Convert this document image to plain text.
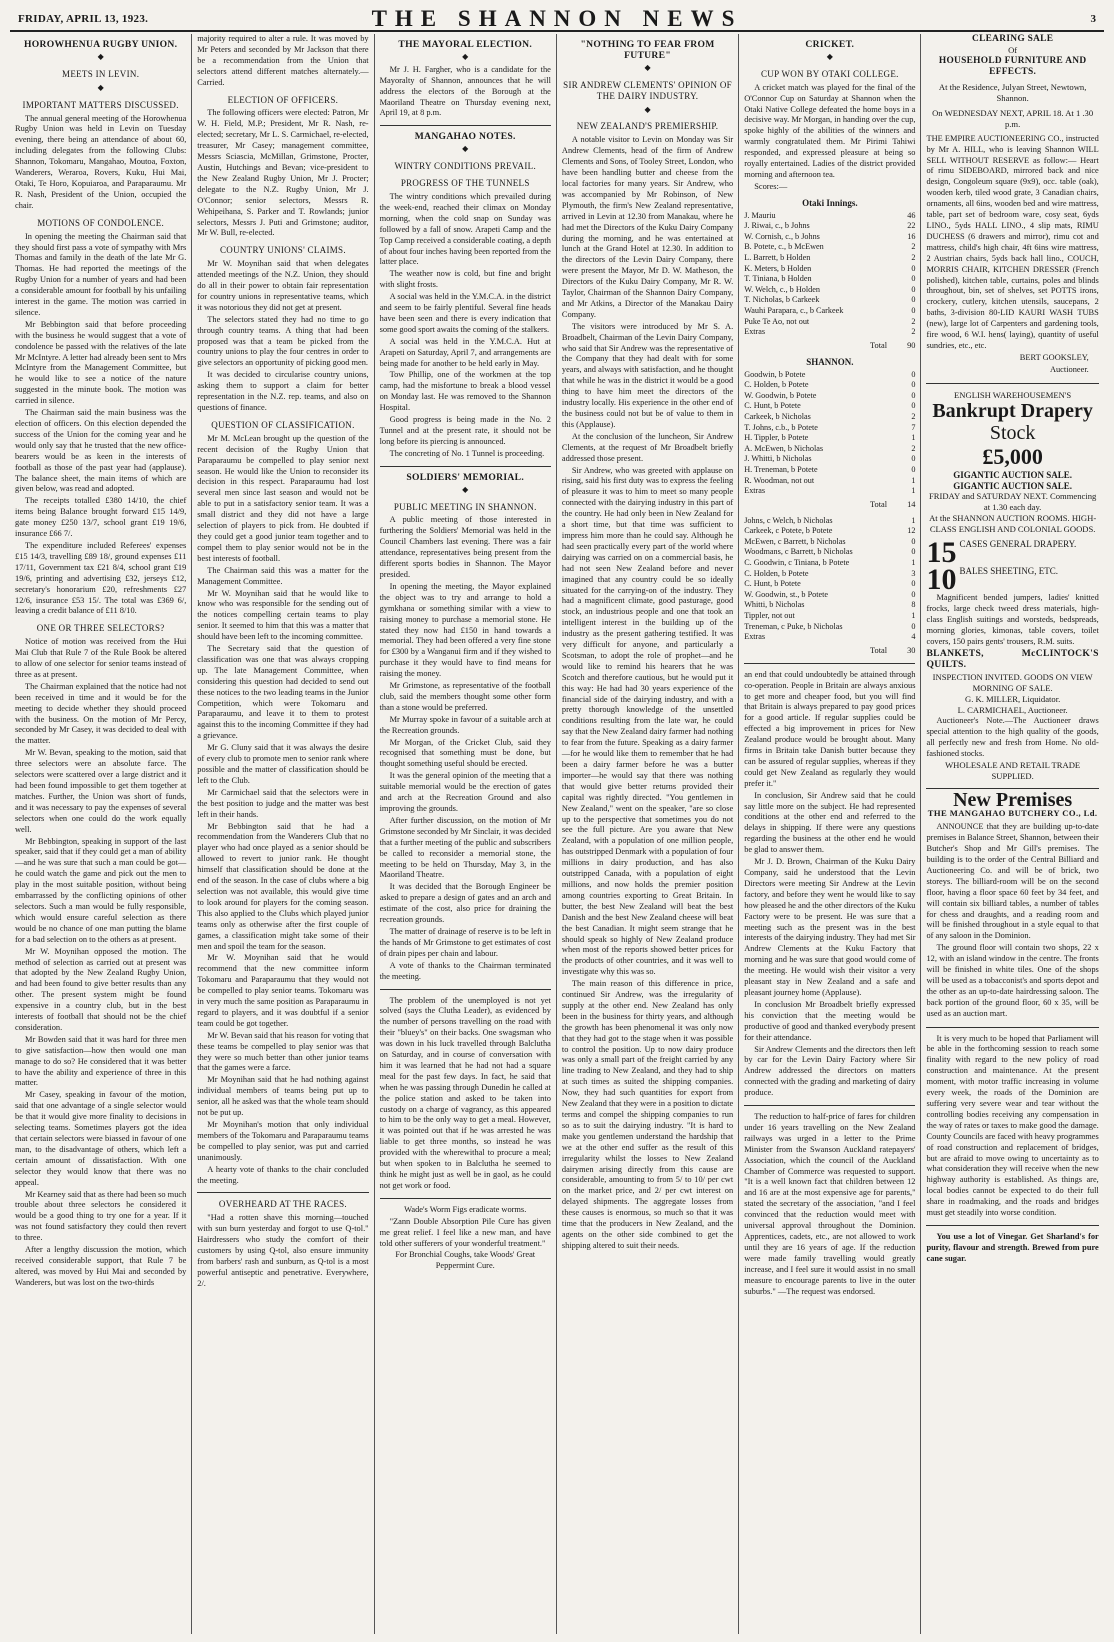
FRIDAY, APRIL 13, 1923.	THE SHANNON NEWS	3
HOROWHENUA RUGBY UNION.
◆
MEETS IN LEVIN.
◆
IMPORTANT MATTERS DISCUSSED.

The annual general meeting of the Horowhenua Rugby Union was held in Levin on Tuesday evening, there being an attendance of about 60, including delegates from the following Clubs: Shannon, Tokomaru, Mangahao, Moutoa, Foxton, Wanderers, Weraroa, Rovers, Kuku, Hui Mai, Otaki, Te Horo, Kopuiaroa, and Paraparaumu. Mr R. Nash, President of the Union, occupied the chair.

MOTIONS OF CONDOLENCE.

In opening the meeting the Chairman said that they should first pass a vote of sympathy with Mrs Thomas and family in the death of the late Mr G. Thomas. He had reported the meetings of the Rugby Union for a number of years and had been a considerable amount for football by his unfailing interest in the game. The motion was carried in silence.

Mr Bebbington said that before proceeding with the business he would suggest that a vote of condolence be passed with the relatives of the late Mr McIntyre. A letter had already been sent to Mrs McIntyre from the Management Committee, but he would like to see a notice of the nature suggested in the minute book. The motion was carried in silence.

The Chairman said the main business was the election of officers. On this election depended the success of the Union for the coming year and he would only say that he trusted that the new office-bearers would be as keen in the interests of football as those of the past year had (applause). The balance sheet, the main items of which are given below, was read and adopted.

The receipts totalled £380 14/10, the chief items being Balance brought forward £15 14/9, gate money £250 13/7, school grant £19 19/6, insurance £66 7/.

The expenditure included Referees' expenses £15 14/3, travelling £89 18/, ground expenses £11 17/11, Government tax £21 8/4, school grant £19 19/6, printing and advertising £32, jerseys £12, secretary's honorarium £20, refreshments £27 12/6, insurance £53 15/. The total was £369 6/, leaving a credit balance of £11 8/10.

ONE OR THREE SELECTORS?

Notice of motion was received from the Hui Mai Club that Rule 7 of the Rule Book be altered to allow of one selector for senior teams instead of three as at present.

The Chairman explained that the notice had not been received in time and it would be for the meeting to decide whether they should proceed with the business. On the motion of Mr Percy, seconded by Mr Casey, it was decided to deal with the matter.

Mr W. Bevan, speaking to the motion, said that three selectors were an absolute farce. The selectors were scattered over a large district and it had been found impossible to get them together at matches. Further, the Union was short of funds, and it was necessary to pay the expenses of several selectors when one could do the work equally well.

Mr Bebbington, speaking in support of the last speaker, said that if they could get a man of ability—and he was sure that such a man could be got—he could watch the game and pick out the men to play in the most suitable position, without being embarrassed by the conflicting opinions of other selectors. Such a man would be fully responsible, which would ensure careful selection as there would be no chance of one man putting the blame for a bad selection on to the others as at present.

Mr W. Moynihan opposed the motion. The method of selection as carried out at present was that adopted by the New Zealand Rugby Union, and had been found to give better results than any other. The present system might be found expensive in a country club, but in the best interests of football that should not be the chief consideration.

Mr Bowden said that it was hard for three men to give satisfaction—how then would one man manage to do so? He considered that it was better to have the ability and experience of three in this matter.

Mr Casey, speaking in favour of the motion, said that one advantage of a single selector would be that it would give more finality to decisions in selecting teams. Sometimes players got the idea that certain selectors were biassed in favour of one man, to the disadvantage of others, which left a certain amount of dissatisfaction. With one selector they would know that there was no appeal.

Mr Kearney said that as there had been so much trouble about three selectors he considered it would be a good thing to try one for a year. If it was not found satisfactory they could then revert to three.

After a lengthy discussion the motion, which received considerable support, that Rule 7 be altered, was moved by Hui Mai and seconded by Wanderers, but was lost on the two-thirds

majority required to alter a rule. It was moved by Mr Peters and seconded by Mr Jackson that there be a recommendation from the Union that selectors attend different matches alternately.—Carried.

ELECTION OF OFFICERS.

The following officers were elected: Patron, Mr W. H. Field, M.P.; President, Mr R. Nash, re-elected; secretary, Mr L. S. Carmichael, re-elected, treasurer, Mr Casey; management committee, Messrs Sciascia, McMillan, Grimstone, Procter, Austin, Hutchings and Bevan; vice-president to the New Zealand Rugby Union, Mr J. Procter; delegate to the N.Z. Rugby Union, Mr J. O'Connor; senior selectors, Messrs R. Wehipeihana, S. Parker and T. Rowlands; junior selectors, Messrs J. Puti and Grimstone; auditor, Mr W. Bull, re-elected.

COUNTRY UNIONS' CLAIMS.

Mr W. Moynihan said that when delegates attended meetings of the N.Z. Union, they should do all in their power to obtain fair representation for country unions in representative teams, which it was notorious they did not get at present.

The selectors stated they had no time to go through country teams. A thing that had been proposed was that a team be picked from the country unions to play the four centres in order to give selectors an opportunity of picking good men.

It was decided to circularise country unions, asking them to support a claim for better representation in the N.Z. rep. teams, and also on questions of finance.

QUESTION OF CLASSIFICATION.

Mr M. McLean brought up the question of the recent decision of the Rugby Union that Paraparaumu be compelled to play senior next season. He would like the Union to reconsider its decision in this respect. Paraparaumu had lost several men since last season and would not be able to put in a satisfactory senior team. It was a small district and they did not have a large selection of players to pick from. He doubted if they could get a good junior team together and to compel them to play senior would not be in the best interests of football.

The Chairman said this was a matter for the Management Committee.

Mr W. Moynihan said that he would like to know who was responsible for the sending out of the notices compelling certain teams to play senior. It seemed to him that this was a matter that should have been left to the incoming committee.

The Secretary said that the question of classification was one that was always cropping up. The late Management Committee, when considering this question had decided to send out these notices to the two leading teams in the Junior Competition, which were Tokomaru and Paraparaumu, and leave it to them to protest against this to the incoming Committee if they had a grievance.

Mr G. Cluny said that it was always the desire of every club to promote men to senior rank where possible and the matter of classification should be left to the Club.

Mr Carmichael said that the selectors were in the best position to judge and the matter was best left in their hands.

Mr Bebbington said that he had a recommendation from the Wanderers Club that no player who had once played as a senior should be allowed to revert to junior rank. He thought himself that classification should be done at the end of the season. In the case of clubs where a big selection was not available, this would give time to look around for players for the coming season. This also applied to the Clubs which played junior teams only as otherwise after the first couple of games, a classification might take some of their men and spoil the team for the season.

Mr W. Moynihan said that he would recommend that the new committee inform Tokomaru and Paraparaumu that they would not be compelled to play senior teams. Tokomaru was in very much the same position as Paraparaumu in regard to players, and it was doubtful if a senior team could be got together.

Mr W. Bevan said that his reason for voting that these teams be compelled to play senior was that they were so much better than other junior teams that the games were a farce.

Mr Moynihan said that he had nothing against individual members of teams being put up to senior, all he asked was that the whole team should not be put up.

Mr Moynihan's motion that only individual members of the Tokomaru and Paraparaumu teams be compelled to play senior, was put and carried unanimously.

A hearty vote of thanks to the chair concluded the meeting.

OVERHEARD AT THE RACES.

"Had a rotten shave this morning—touched with sun burn yesterday and forgot to use Q-tol." Hairdressers who study the comfort of their customers by using Q-tol, also ensure immunity from barbers' rash and sunburn, as Q-tol is a most powerful antiseptic and penetrative. Everywhere, 2/.

THE MAYORAL ELECTION.
◆

Mr J. H. Fargher, who is a candidate for the Mayoralty of Shannon, announces that he will address the electors of the Borough at the Maoriland Theatre on Thursday evening next, April 19, at 8 p.m.

MANGAHAO NOTES.
◆
WINTRY CONDITIONS PREVAIL.
PROGRESS OF THE TUNNELS

The wintry conditions which prevailed during the week-end, reached their climax on Monday morning, when the cold snap on Sunday was followed by a fall of snow. Arapeti Camp and the Top Camp received a considerable coating, a depth of about four inches having been reported from the latter place.

The weather now is cold, but fine and bright with slight frosts.

A social was held in the Y.M.C.A. in the district and seem to be fairly plentiful. Several fine heads have been seen and there is every indication that some good sport awaits the coming of the stalkers.

A social was held in the Y.M.C.A. Hut at Arapeti on Saturday, April 7, and arrangements are being made for another to be held early in May.

Tow Phillip, one of the workmen at the top camp, had the misfortune to break a blood vessel on Monday last. He was removed to the Shannon Hospital.

Good progress is being made in the No. 2 Tunnel and at the present rate, it should not be long before its piercing is announced.

The concreting of No. 1 Tunnel is proceeding.

SOLDIERS' MEMORIAL.
◆
PUBLIC MEETING IN SHANNON.

A public meeting of those interested in furthering the Soldiers' Memorial was held in the Council Chambers last evening. There was a fair attendance, representatives being present from the different sports bodies in Shannon. The Mayor presided.

In opening the meeting, the Mayor explained the object was to try and arrange to hold a gymkhana or something similar with a view to raising money to purchase a memorial stone. He stated they now had £150 in hand towards a memorial. They had been offered a very fine stone for £300 by a Wanganui firm and if they wished to purchase it they would have to find means for raising the money.

Mr Grimstone, as representative of the football club, said the members thought some other form than a stone would be preferred.

Mr Murray spoke in favour of a suitable arch at the Recreation grounds.

Mr Morgan, of the Cricket Club, said they recognised that something must be done, but thought something useful should be erected.

It was the general opinion of the meeting that a suitable memorial would be the erection of gates and arch at the Recreation Ground and also improving the grounds.

After further discussion, on the motion of Mr Grimstone seconded by Mr Sinclair, it was decided that a further meeting of the public and subscribers be called to reconsider a memorial stone, the meeting to be held on Thursday, May 3, in the Maoriland Theatre.

It was decided that the Borough Engineer be asked to prepare a design of gates and an arch and estimate of the cost, also price for draining the recreation grounds.

The matter of drainage of reserve is to be left in the hands of Mr Grimstone to get estimates of cost of drain pipes per chain and labour.

A vote of thanks to the Chairman terminated the meeting.

The problem of the unemployed is not yet solved (says the Clutha Leader), as evidenced by the number of persons travelling on the road with their "bluey's" on their backs. One swagsman who was down in his luck travelled through Balclutha on Saturday, and in course of conversation with him it was learned that he had not had a square meal for the past few days. In fact, he said that when he was passing through Dunedin he called at the police station and asked to be taken into custody on a charge of vagrancy, as this appeared to him to be the only way to get a meal. However, it was pointed out that if he was arrested he was liable to get three months, so instead he was provided with the wherewithal to procure a meal; but when spoken to in Balclutha he seemed to think he might just as well be in gaol, as he could not get work or food.

Wade's Worm Figs eradicate worms.

"Zann Double Absorption Pile Cure has given me great relief. I feel like a new man, and have told other sufferers of your wonderful treatment."

For Bronchial Coughs, take Woods' Great Peppermint Cure.

"NOTHING TO FEAR FROM FUTURE"
◆
SIR ANDREW CLEMENTS' OPINION OF THE DAIRY INDUSTRY.
◆
NEW ZEALAND'S PREMIERSHIP.

A notable visitor to Levin on Monday was Sir Andrew Clements, head of the firm of Andrew Clements and Sons, of Tooley Street, London, who have been handling butter and cheese from the local factories for many years. Sir Andrew, who was accompanied by Mr Robinson, of New Plymouth, the firm's New Zealand representative, arrived in Levin at 12.30 from Manakau, where he had met the Directors of the Kuku Dairy Company during the morning, and he was entertained at lunch at the Grand Hotel at 12.30. In addition to the directors of the Levin Dairy Company, there were present the Mayor, Mr D. W. Matheson, the Directors of the Kuku Dairy Company, Mr R. W. Taylor, Chairman of the Shannon Dairy Company, and Mr Atkins, a Director of the Manakau Dairy Company.

The visitors were introduced by Mr S. A. Broadbelt, Chairman of the Levin Dairy Company, who said that Sir Andrew was the representative of the Company that they had dealt with for some years, and always with satisfaction, and he thought that while he was in the district it would be a good thing to have him meet the directors of the industry locally. His experience in the other end of the business could not but be of value to them in this (Applause).

At the conclusion of the luncheon, Sir Andrew Clements, at the request of Mr Broadbelt briefly addressed those present.

Sir Andrew, who was greeted with applause on rising, said his first duty was to express the feeling of pleasure it was to him to meet so many people connected with the dairying industry in this part of the country. He had only been in New Zealand for a short time, but that time was sufficient to impress him more than he could say. Although he had seen practically every part of the world where dairying was carried on on a commercial basis, he had not seen New Zealand before and never imagined that any country could be so ideally situated for the carrying-on of the industry. They had a magnificent climate, good pasturage, good stock, an industrious people and one that took an intelligent interest in the building up of the industry as the present gathering testified. It was very difficult for anyone, and particularly a Scotsman, to adopt the role of prophet—and he would like to remind his hearers that he was Scotch and therefore cautious, but he would put it this way: He had had 30 years experience of the financial side of the dairying industry, and with a pretty thorough knowledge of the unsettled conditions resulting from the late war, he could say that the New Zealand dairy farmer had nothing to fear from the future. Speaking as a dairy farmer—for he would like them to remember that he had been a dairy farmer before he was a butter importer—he would say that there was nothing that would give better returns provided their capital was rightly directed. "You gentlemen in New Zealand," went on the speaker, "are so close up to the perspective that sometimes you do not see the full picture. Are you aware that New Zealand, with a population of one million people, has outstripped Denmark with a population of four millions in dairy production, and has also outstripped Canada, with a population of eight millions, and now holds the premier position among countries exporting to Great Britain. In butter, the best New Zealand will beat the best Danish and the best New Zealand cheese will beat the best Canadian. It might seem strange that he should speak so highly of New Zealand produce when most of the reports showed better prices for the products of other countries, and it was well to investigate why this was so.

The main reason of this difference in price, continued Sir Andrew, was the irregularity of supply at the other end. New Zealand has only been in the business for thirty years, and although the growth has been phenomenal it was only now that they had got to the stage when it was possible to control the position. Up to now dairy produce was only a small part of the freight carried by any line trading to New Zealand, and they had to ship at such times as suited the shipping companies. Now, they had such quantities for export from New Zealand that they were in a position to dictate terms and compel the shipping companies to run so as to suit the dairying industry. "It is hard to make you gentlemen understand the hardship that we at the other end suffer as the result of this irregularity whilst the losses to New Zealand dairymen arising directly from this cause are considerable, amounting to from 5/ to 10/ per cwt on the market price, and 2/ per cwt interest on delayed shipments. The aggregate losses from these causes is enormous, so much so that it was time that the producers in New Zealand, and the agents on the other side combined to get the shipping altered to suit their needs.

CRICKET.
◆
CUP WON BY OTAKI COLLEGE.

A cricket match was played for the final of the O'Connor Cup on Saturday at Shannon when the Otaki Native College defeated the home boys in a decisive way. Mr Morgan, in handing over the cup, spoke highly of the abilities of the winners and warmly congratulated them. Mr Pirimi Tahiwi responded, and expressed pleasure at being so royally entertained. Ladies of the district provided morning and afternoon tea.

Scores:—

Otaki Innings.
J. Mauriu	46
J. Riwai, c., b Johns	22
W. Cornish, c., b Johns	16
B. Potete, c., b McEwen	2
L. Barrett, b Holden	2
K. Meters, b Holden	0
T. Tiniana, b Holden	0
W. Welch, c., b Holden	0
T. Nicholas, b Carkeek	0
Wauhi Parapara, c., b Carkeek	0
Puke Te Ao, not out	2
Extras	2
Total 90
SHANNON.
Goodwin, b Potete	0
C. Holden, b Potete	0
W. Goodwin, b Potete	0
C. Hunt, b Potete	0
Carkeek, b Nicholas	2
T. Johns, c.b., b Potete	7
H. Tippler, b Potete	1
A. McEwen, b Nicholas	2
J. Whitti, b Nicholas	0
H. Treneman, b Potete	0
R. Woodman, not out	1
Extras	1
Total 14
Johns, c Welch, b Nicholas	1
Carkeek, c Potete, b Potete	12
McEwen, c Barrett, b Nicholas	0
Woodmans, c Barrett, b Nicholas	0
C. Goodwin, c Tiniana, b Potete	1
C. Holden, b Potete	3
C. Hunt, b Potete	0
W. Goodwin, st., b Potete	0
Whitti, b Nicholas	8
Tippler, not out	1
Treneman, c Puke, b Nicholas	0
Extras	4
Total 30

an end that could undoubtedly be attained through co-operation. People in Britain are always anxious to get more and cheaper food, but you will find that Britain is always prepared to pay good prices for a good article. If regular supplies could be effected a big improvement in prices for New Zealand produce would be brought about. Many firms in Britain take Danish butter because they can be assured of regular supplies, whereas if they could get New Zealand as regularly they would prefer it."

In conclusion, Sir Andrew said that he could say little more on the subject. He had represented conditions at the other end and referred to the delays in shipping. If there were any questions regarding the business at the other end he would be glad to answer them.

Mr J. D. Brown, Chairman of the Kuku Dairy Company, said he understood that the Levin Directors were meeting Sir Andrew at the Levin factory, and before they went he would like to say how pleased he and the other directors of the Kuku Factory were to be present. He was sure that a meeting such as the present was in the best interests of the dairying industry. They had met Sir Andrew Clements at the Kuku Factory that morning and he was sure that good would come of the meeting. He would wish their visitor a very pleasant stay in New Zealand and a safe and pleasant journey home (Applause).

In conclusion Mr Broadbelt briefly expressed his conviction that the meeting would be productive of good and thanked everybody present for their attendance.

Sir Andrew Clements and the directors then left by car for the Levin Dairy Factory where Sir Andrew addressed the directors on matters connected with the grading and marketing of dairy produce.

The reduction to half-price of fares for children under 16 years travelling on the New Zealand railways was urged in a letter to the Prime Minister from the Swanson Auckland ratepayers' Association, which the council of the Auckland Chamber of Commerce was requested to support. "It is a well known fact that children between 12 and 16 are at the most expensive age for parents," stated the secretary of the association, "and I feel convinced that the reduction would meet with universal approval throughout the Dominion. Apprentices, cadets, etc., are not allowed to work until they are 16 years of age. If the reduction were made family travelling would greatly increase, and I feel sure it would assist in no small measure to encourage parents to live in the outer suburbs." —The request was endorsed.

CLEARING SALE
Of
HOUSEHOLD FURNITURE AND EFFECTS.
At the Residence, Julyan Street, Newtown, Shannon.
On WEDNESDAY NEXT, APRIL 18. At 1 .30 p.m.

THE EMPIRE AUCTIONEERING CO., instructed by Mr A. HILL, who is leaving Shannon WILL SELL WITHOUT RESERVE as follow:— Heart of rimu SIDEBOARD, mirrored back and nice design, Congoleum square (9x9), occ. table (oak), wooden kerb, tiled wood grate, 3 Canadian chairs, ornaments, all 6ins, wooden bed and wire mattress, table, part set of bedroom ware, cosy seat, 6yds LINO., 5yds HALL LINO., 4 slip mats, RIMU DUCHESS (6 drawers and mirror), rimu cot and mattress, child's high chair, 4ft 6ins wire mattress, 2 Austrian chairs, 5yds back hall lino., COUCH, MORRIS CHAIR, KITCHEN DRESSER (French polished), kitchen table, curtains, poles and blinds throughout, bin, set of shelves, set POTTS irons, crockery, cutlery, kitchen utensils, saucepans, 2 baths, 3-division 80-LID KAURI WASH TUBS (new), large lot of Carpenters and gardening tools, fire wood, 6 W.I. hens( laying), quantity of useful sundries, etc., etc.

BERT GOOKSLEY,

Auctioneer.

ENGLISH WAREHOUSEMEN'S
Bankrupt Drapery
Stock
£5,000
GIGANTIC AUCTION SALE.
GIGANTIC AUCTION SALE.
FRIDAY and SATURDAY NEXT. Commencing at 1.30 each day.
At the SHANNON AUCTION ROOMS. HIGH-CLASS ENGLISH AND COLONIAL GOODS.
15 CASES GENERAL DRAPERY.
10 BALES SHEETING, ETC.

Magnificent bended jumpers, ladies' knitted frocks, large check tweed dress materials, high-class English suitings and worsteds, bedspreads, morning glories, kimonas, table covers, toilet covers, 150 pairs gents' trousers, R.M. suits.

BLANKETS, McCLINTOCK'S QUILTS.

INSPECTION INVITED. GOODS ON VIEW MORNING OF SALE.
G. K. MILLER, Liquidator.
L. CARMICHAEL, Auctioneer.

Auctioneer's Note.—The Auctioneer draws special attention to the high quality of the goods, all perfectly new and fresh from Home. No old-fashioned stocks.

WHOLESALE AND RETAIL TRADE SUPPLIED.
New Premises
THE MANGAHAO BUTCHERY CO., Ld.

ANNOUNCE that they are building up-to-date premises in Balance Street, Shannon, between their Butcher's Shop and Mr Gill's premises. The building is to the order of the Central Billiard and Auctioneering Co. and will be of brick, two storeys. The billiard-room will be on the second floor, having a floor space 60 feet by 34 feet, and will contain six billiard tables, a number of tables for chess and draughts, and a reading room and will be finished throughout in a style equal to that of any saloon in the Dominion.

The ground floor will contain two shops, 22 x 12, with an island window in the centre. The fronts will be finished in white tiles. One of the shops will be used as a tobacconist's and sports depot and the other as an up-to-date hairdressing saloon. The back portion of the ground floor, 60 x 35, will be used as an auction mart.

It is very much to be hoped that Parliament will be able in the forthcoming session to reach some finality with regard to the new policy of road construction and maintenance. At the present moment, with motor traffic increasing in volume every week, the roads of the Dominion are suffering very severe wear and tear without the controlling bodies receiving any compensation in the way of rates or taxes to make good the damage. County Councils are faced with heavy programmes of road construction and replacement of bridges, but are afraid to move owing to uncertainty as to what consideration they will receive when the new highway authority is established. As things are, local bodies cannot be expected to do their full share in roadmaking, and the roads and bridges must get steadily into worse condition.

You use a lot of Vinegar. Get Sharland's for purity, flavour and strength. Brewed from pure cane sugar.
